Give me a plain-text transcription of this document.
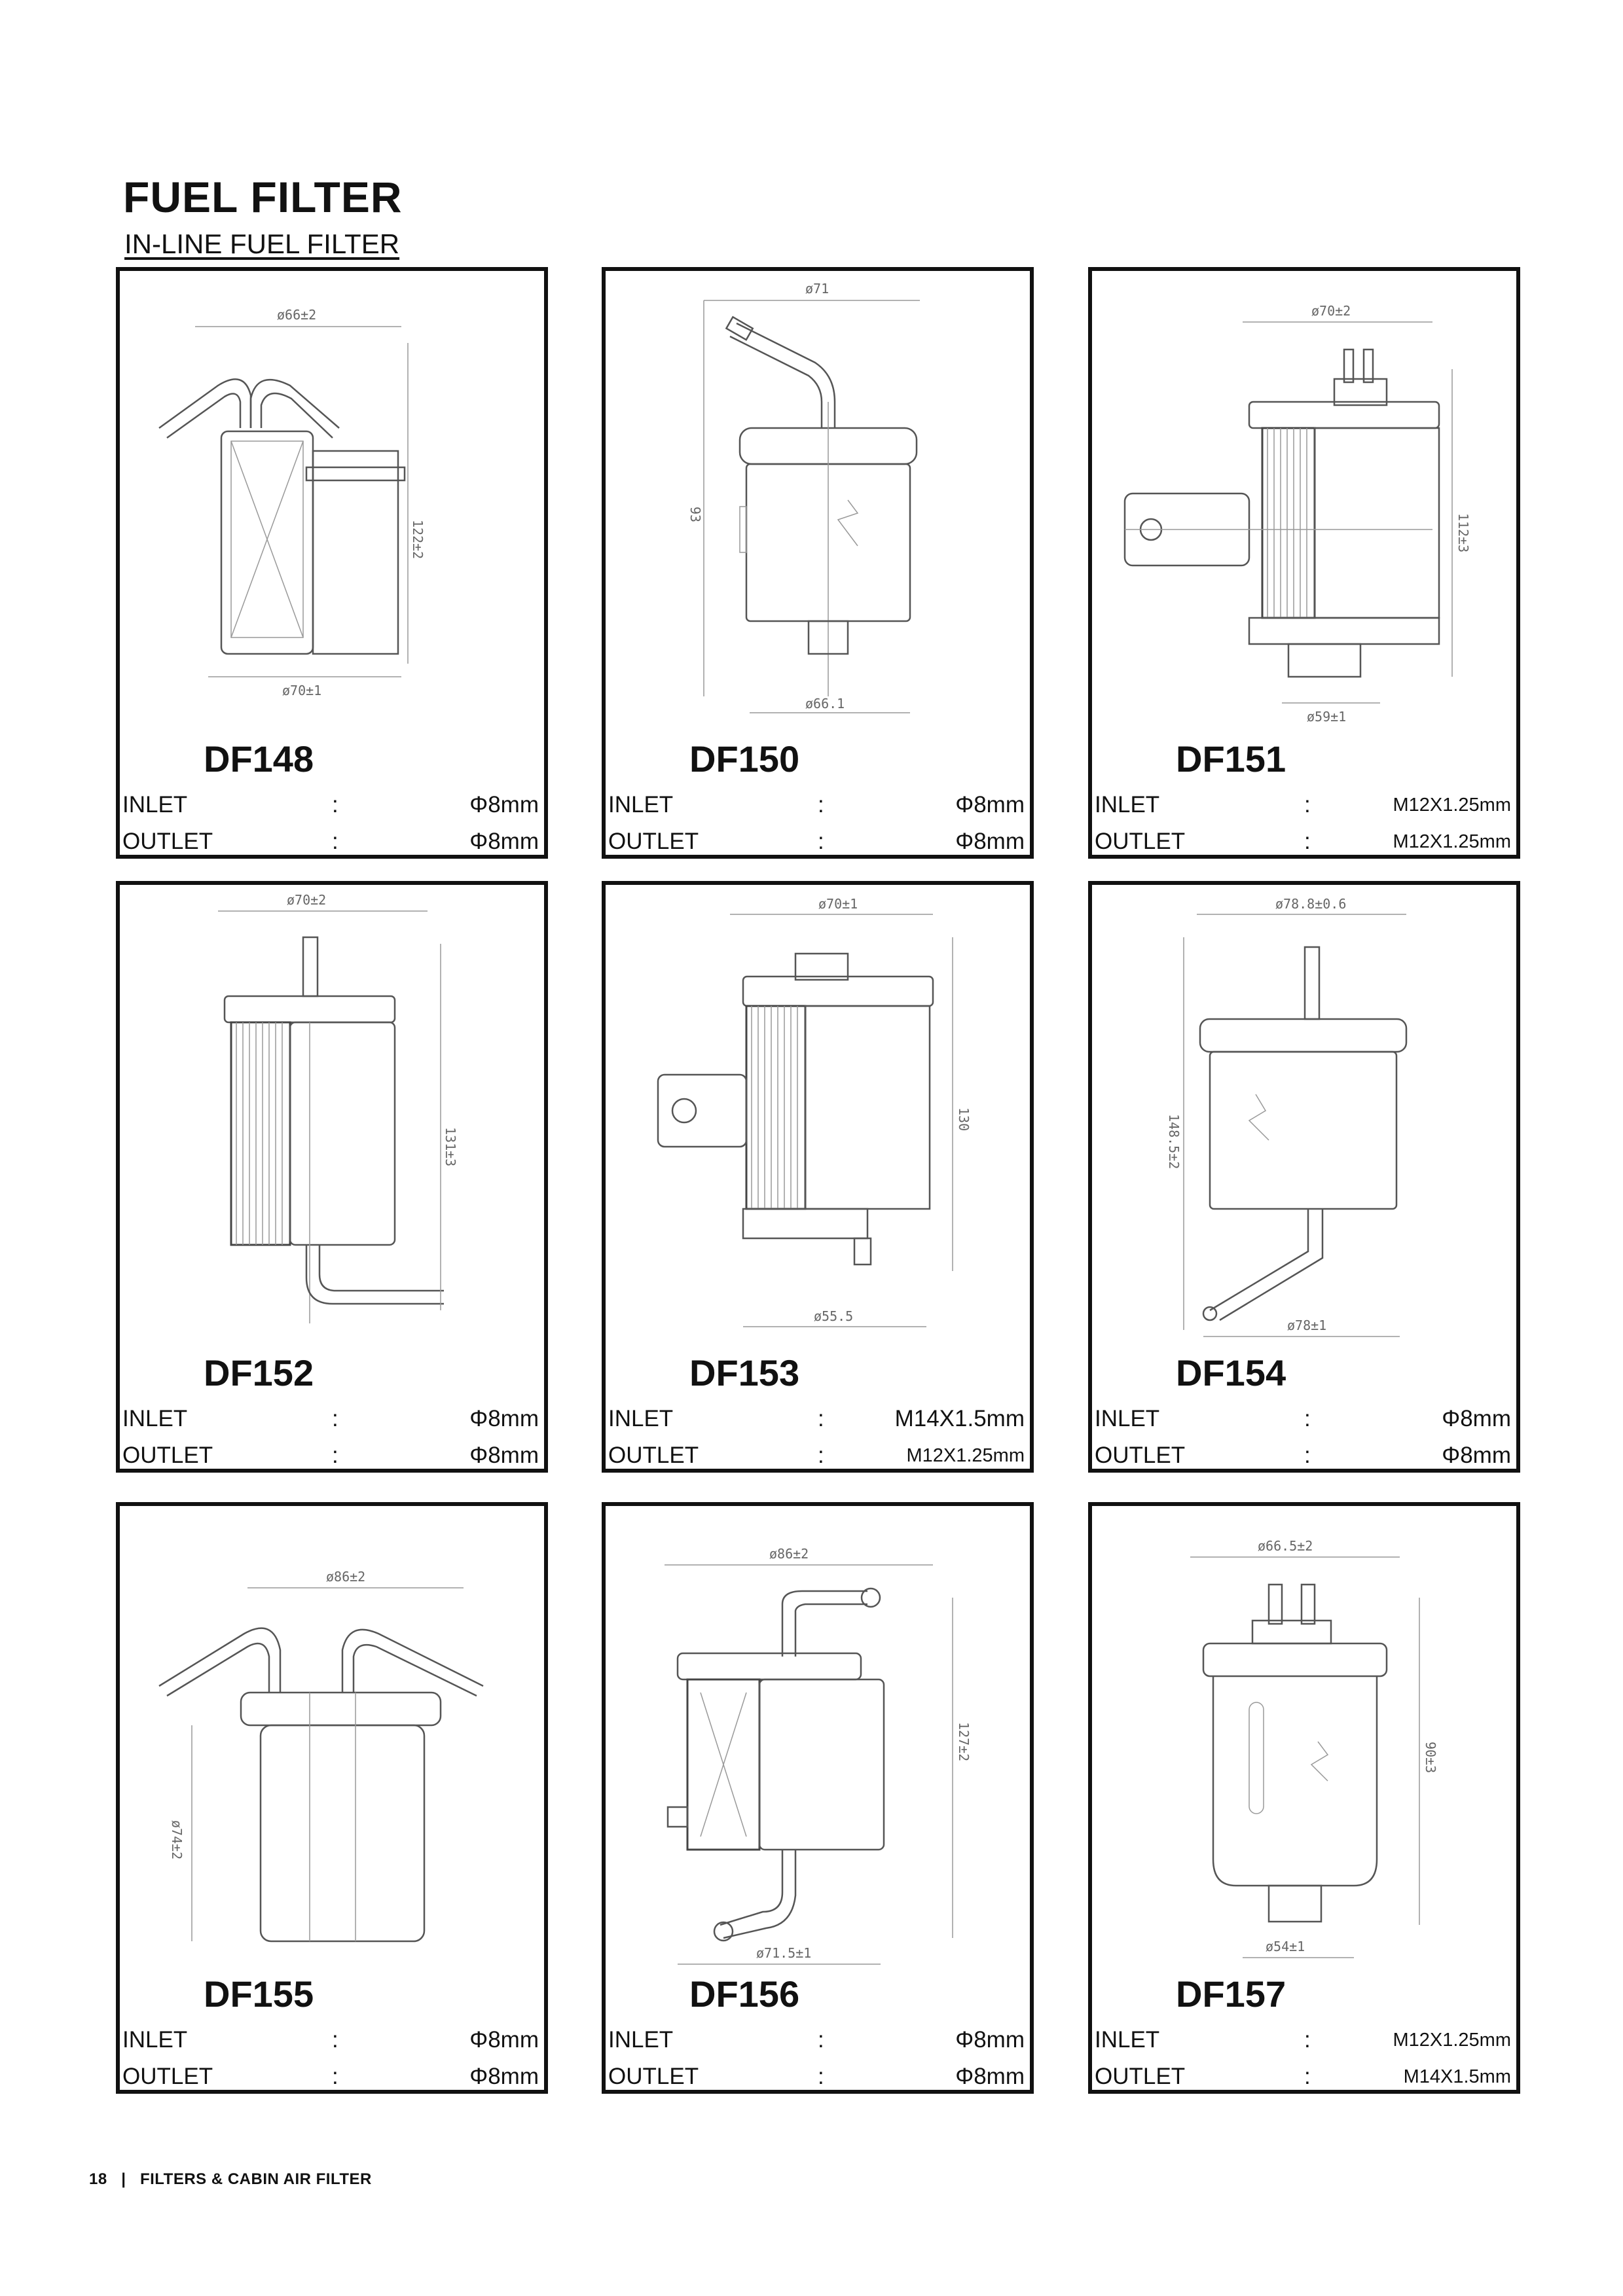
FUEL FILTER
IN-LINE FUEL FILTER
ø66±2
122±2
ø70±1
DF148
INLET	:	Φ8mm
OUTLET	:	Φ8mm
ø71
93
ø66.1
DF150
INLET	:	Φ8mm
OUTLET	:	Φ8mm
ø70±2
112±3
ø59±1
DF151
INLET	:	M12X1.25mm
OUTLET	:	M12X1.25mm
ø70±2
131±3
DF152
INLET	:	Φ8mm
OUTLET	:	Φ8mm
ø70±1
130
ø55.5
DF153
INLET	:	M14X1.5mm
OUTLET	:	M12X1.25mm
ø78.8±0.6
148.5±2
ø78±1
DF154
INLET	:	Φ8mm
OUTLET	:	Φ8mm
ø86±2
ø74±2
DF155
INLET	:	Φ8mm
OUTLET	:	Φ8mm
ø86±2
127±2
ø71.5±1
DF156
INLET	:	Φ8mm
OUTLET	:	Φ8mm
ø66.5±2
90±3
ø54±1
DF157
INLET	:	M12X1.25mm
OUTLET	:	M14X1.5mm
18 | FILTERS & CABIN AIR FILTER
